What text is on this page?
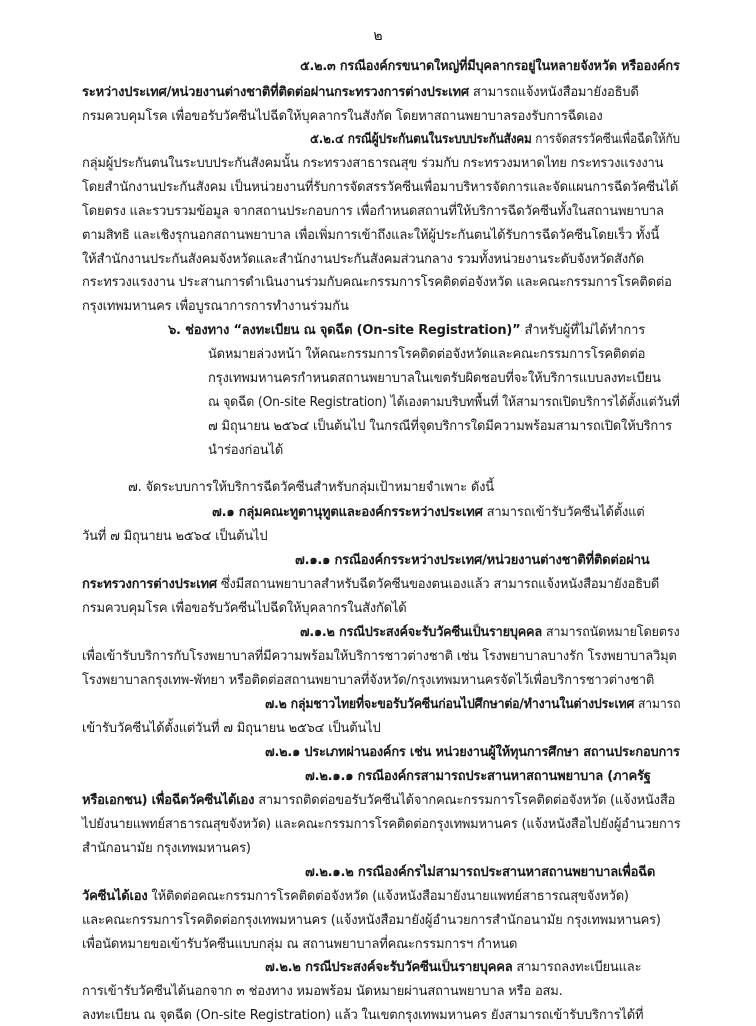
๒
๕.๒.๓ กรณีองค์กรขนาดใหญ่ที่มีบุคลากรอยู่ในหลายจังหวัด หรือองค์กร
ระหว่างประเทศ/หน่วยงานต่างชาติที่ติดต่อผ่านกระทรวงการต่างประเทศ สามารถแจ้งหนังสือมายังอธิบดี
กรมควบคุมโรค เพื่อขอรับวัคซีนไปฉีดให้บุคลากรในสังกัด โดยหาสถานพยาบาลรองรับการฉีดเอง
๕.๒.๔ กรณีผู้ประกันตนในระบบประกันสังคม การจัดสรรวัคซีนเพื่อฉีดให้กับ
กลุ่มผู้ประกันตนในระบบประกันสังคมนั้น กระทรวงสาธารณสุข ร่วมกับ กระทรวงมหาดไทย กระทรวงแรงงาน
โดยสำนักงานประกันสังคม เป็นหน่วยงานที่รับการจัดสรรวัคซีนเพื่อมาบริหารจัดการและจัดแผนการฉีดวัคซีนได้
โดยตรง และรวบรวมข้อมูล จากสถานประกอบการ เพื่อกำหนดสถานที่ให้บริการฉีดวัคซีนทั้งในสถานพยาบาล
ตามสิทธิ และเชิงรุกนอกสถานพยาบาล เพื่อเพิ่มการเข้าถึงและให้ผู้ประกันตนได้รับการฉีดวัคซีนโดยเร็ว ทั้งนี้
ให้สำนักงานประกันสังคมจังหวัดและสำนักงานประกันสังคมส่วนกลาง รวมทั้งหน่วยงานระดับจังหวัดสังกัด
กระทรวงแรงงาน ประสานการดำเนินงานร่วมกับคณะกรรมการโรคติดต่อจังหวัด และคณะกรรมการโรคติดต่อ
กรุงเทพมหานคร เพื่อบูรณาการการทำงานร่วมกัน
๖. ช่องทาง “ลงทะเบียน ณ จุดฉีด (On-site Registration)” สำหรับผู้ที่ไม่ได้ทำการ
นัดหมายล่วงหน้า ให้คณะกรรมการโรคติดต่อจังหวัดและคณะกรรมการโรคติดต่อ
กรุงเทพมหานครกำหนดสถานพยาบาลในเขตรับผิดชอบที่จะให้บริการแบบลงทะเบียน
ณ จุดฉีด (On-site Registration) ได้เองตามบริบทพื้นที่ ให้สามารถเปิดบริการได้ตั้งแต่วันที่
๗ มิถุนายน ๒๕๖๔ เป็นต้นไป ในกรณีที่จุดบริการใดมีความพร้อมสามารถเปิดให้บริการ
นำร่องก่อนได้
๗. จัดระบบการให้บริการฉีดวัคซีนสำหรับกลุ่มเป้าหมายจำเพาะ ดังนี้
๗.๑ กลุ่มคณะทูตานุทูตและองค์กรระหว่างประเทศ สามารถเข้ารับวัคซีนได้ตั้งแต่
วันที่ ๗ มิถุนายน ๒๕๖๔ เป็นต้นไป
๗.๑.๑ กรณีองค์กรระหว่างประเทศ/หน่วยงานต่างชาติที่ติดต่อผ่าน
กระทรวงการต่างประเทศ ซึ่งมีสถานพยาบาลสำหรับฉีดวัคซีนของตนเองแล้ว สามารถแจ้งหนังสือมายังอธิบดี
กรมควบคุมโรค เพื่อขอรับวัคซีนไปฉีดให้บุคลากรในสังกัดได้
๗.๑.๒ กรณีประสงค์จะรับวัคซีนเป็นรายบุคคล สามารถนัดหมายโดยตรง
เพื่อเข้ารับบริการกับโรงพยาบาลที่มีความพร้อมให้บริการชาวต่างชาติ เช่น โรงพยาบาลบางรัก โรงพยาบาลวิมุต
โรงพยาบาลกรุงเทพ-พัทยา หรือติดต่อสถานพยาบาลที่จังหวัด/กรุงเทพมหานครจัดไว้เพื่อบริการชาวต่างชาติ
๗.๒ กลุ่มชาวไทยที่จะขอรับวัคซีนก่อนไปศึกษาต่อ/ทำงานในต่างประเทศ สามารถ
เข้ารับวัคซีนได้ตั้งแต่วันที่ ๗ มิถุนายน ๒๕๖๔ เป็นต้นไป
๗.๒.๑ ประเภทผ่านองค์กร เช่น หน่วยงานผู้ให้ทุนการศึกษา สถานประกอบการ
๗.๒.๑.๑ กรณีองค์กรสามารถประสานหาสถานพยาบาล (ภาครัฐ
หรือเอกชน) เพื่อฉีดวัคซีนได้เอง สามารถติดต่อขอรับวัคซีนได้จากคณะกรรมการโรคติดต่อจังหวัด (แจ้งหนังสือ
ไปยังนายแพทย์สาธารณสุขจังหวัด) และคณะกรรมการโรคติดต่อกรุงเทพมหานคร (แจ้งหนังสือไปยังผู้อำนวยการ
สำนักอนามัย กรุงเทพมหานคร)
๗.๒.๑.๒ กรณีองค์กรไม่สามารถประสานหาสถานพยาบาลเพื่อฉีด
วัคซีนได้เอง ให้ติดต่อคณะกรรมการโรคติดต่อจังหวัด (แจ้งหนังสือมายังนายแพทย์สาธารณสุขจังหวัด)
และคณะกรรมการโรคติดต่อกรุงเทพมหานคร (แจ้งหนังสือมายังผู้อำนวยการสำนักอนามัย กรุงเทพมหานคร)
เพื่อนัดหมายขอเข้ารับวัคซีนแบบกลุ่ม ณ สถานพยาบาลที่คณะกรรมการฯ กำหนด
๗.๒.๒ กรณีประสงค์จะรับวัคซีนเป็นรายบุคคล สามารถลงทะเบียนและ
การเข้ารับวัคซีนได้นอกจาก ๓ ช่องทาง หมอพร้อม นัดหมายผ่านสถานพยาบาล หรือ อสม.
ลงทะเบียน ณ จุดฉีด (On-site Registration) แล้ว ในเขตกรุงเทพมหานคร ยังสามารถเข้ารับบริการได้ที่
